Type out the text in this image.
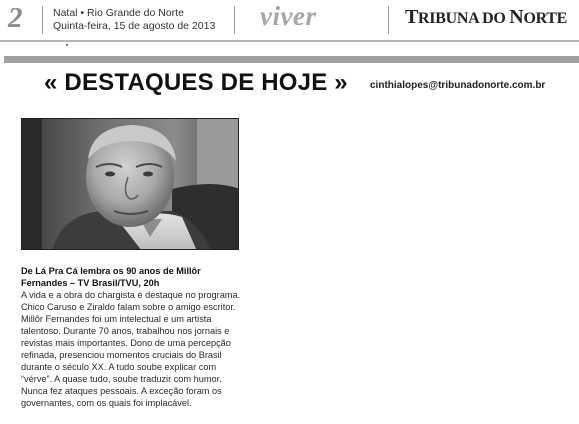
2	Natal • Rio Grande do Norte
Quinta-feira, 15 de agosto de 2013 viver	TRIBUNA DO NORTE
« DESTAQUES DE HOJE » cinthialopes@tribunadonorte.com.br
De Lá Pra Cá lembra os 90 anos de Millôr Fernandes – TV Brasil/TVU, 20h
A vida e a obra do chargista é destaque no programa. Chico Caruso e Ziraldo falam sobre o amigo escritor. Millôr Fernandes foi um intelectual e um artista talentoso. Durante 70 anos, trabalhou nos jornais e revistas mais importantes. Dono de uma percepção refinada, presenciou momentos cruciais do Brasil durante o século XX. A tudo soube explicar com “vérve”. A quase tudo, soube traduzir com humor. Nunca fez ataques pessoais. A exceção foram os governantes, com os quais foi implacável.
